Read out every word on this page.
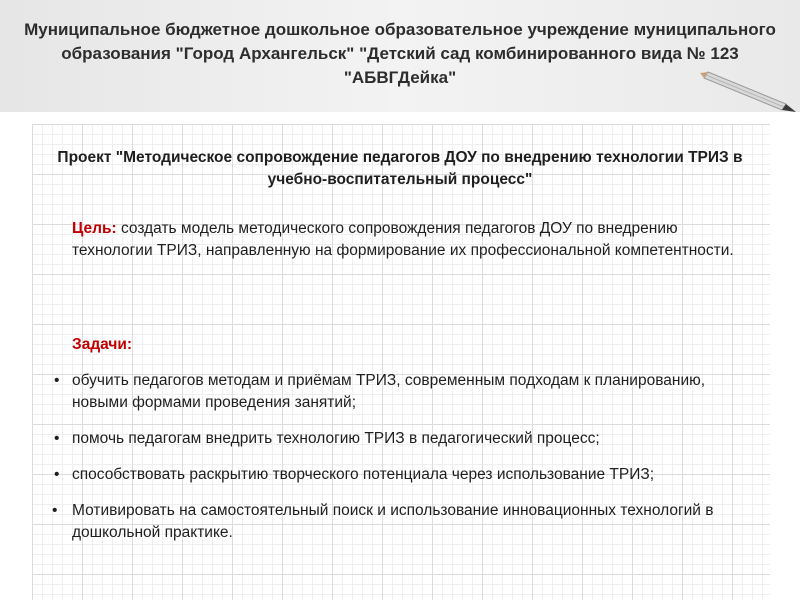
Муниципальное бюджетное дошкольное образовательное учреждение муниципального образования "Город Архангельск" "Детский сад комбинированного вида № 123 "АБВГДейка"

Проект "Методическое сопровождение педагогов ДОУ по внедрению технологии ТРИЗ в учебно-воспитательный процесс"

Цель: создать модель методического сопровождения педагогов ДОУ по внедрению технологии ТРИЗ, направленную на формирование их профессиональной компетентности.

Задачи:
• обучить педагогов методам и приёмам ТРИЗ, современным подходам к планированию, новыми формами проведения занятий;
• помочь педагогам внедрить технологию ТРИЗ в педагогический процесс;
• способствовать раскрытию творческого потенциала через использование ТРИЗ;
• Мотивировать на самостоятельный поиск и использование инновационных технологий в дошкольной практике.
